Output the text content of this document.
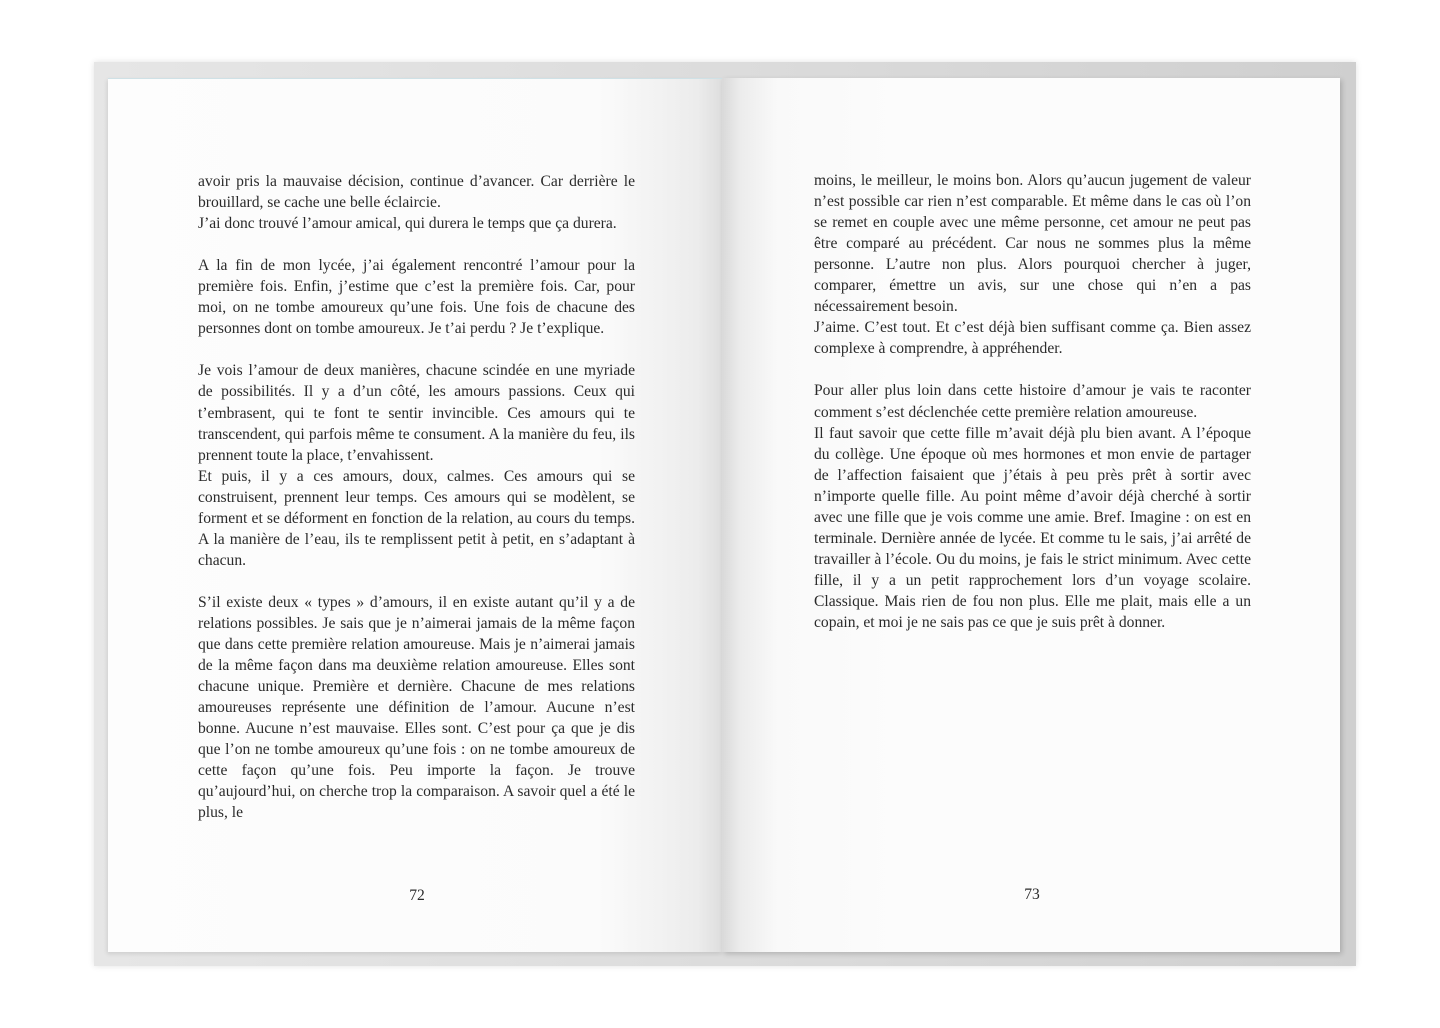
avoir pris la mauvaise décision, continue d’avancer. Car derrière le brouillard, se cache une belle éclaircie.

J’ai donc trouvé l’amour amical, qui durera le temps que ça durera.

A la fin de mon lycée, j’ai également rencontré l’amour pour la première fois. Enfin, j’estime que c’est la première fois. Car, pour moi, on ne tombe amoureux qu’une fois. Une fois de chacune des personnes dont on tombe amoureux. Je t’ai perdu ? Je t’explique.

Je vois l’amour de deux manières, chacune scindée en une myriade de possibilités. Il y a d’un côté, les amours passions. Ceux qui t’embrasent, qui te font te sentir invincible. Ces amours qui te transcendent, qui parfois même te consument. A la manière du feu, ils prennent toute la place, t’envahissent.

Et puis, il y a ces amours, doux, calmes. Ces amours qui se construisent, prennent leur temps. Ces amours qui se modèlent, se forment et se déforment en fonction de la relation, au cours du temps. A la manière de l’eau, ils te remplissent petit à petit, en s’adaptant à chacun.

S’il existe deux « types » d’amours, il en existe autant qu’il y a de relations possibles. Je sais que je n’aimerai jamais de la même façon que dans cette première relation amoureuse. Mais je n’aimerai jamais de la même façon dans ma deuxième relation amoureuse. Elles sont chacune unique. Première et dernière. Chacune de mes relations amoureuses représente une définition de l’amour. Aucune n’est bonne. Aucune n’est mauvaise. Elles sont. C’est pour ça que je dis que l’on ne tombe amoureux qu’une fois : on ne tombe amoureux de cette façon qu’une fois. Peu importe la façon. Je trouve qu’aujourd’hui, on cherche trop la comparaison. A savoir quel a été le plus, le

72

moins, le meilleur, le moins bon. Alors qu’aucun jugement de valeur n’est possible car rien n’est comparable. Et même dans le cas où l’on se remet en couple avec une même personne, cet amour ne peut pas être comparé au précédent. Car nous ne sommes plus la même personne. L’autre non plus. Alors pourquoi chercher à juger, comparer, émettre un avis, sur une chose qui n’en a pas nécessairement besoin.

J’aime. C’est tout. Et c’est déjà bien suffisant comme ça. Bien assez complexe à comprendre, à appréhender.

Pour aller plus loin dans cette histoire d’amour je vais te raconter comment s’est déclenchée cette première relation amoureuse.

Il faut savoir que cette fille m’avait déjà plu bien avant. A l’époque du collège. Une époque où mes hormones et mon envie de partager de l’affection faisaient que j’étais à peu près prêt à sortir avec n’importe quelle fille. Au point même d’avoir déjà cherché à sortir avec une fille que je vois comme une amie. Bref. Imagine : on est en terminale. Dernière année de lycée. Et comme tu le sais, j’ai arrêté de travailler à l’école. Ou du moins, je fais le strict minimum. Avec cette fille, il y a un petit rapprochement lors d’un voyage scolaire. Classique. Mais rien de fou non plus. Elle me plait, mais elle a un copain, et moi je ne sais pas ce que je suis prêt à donner.

73
